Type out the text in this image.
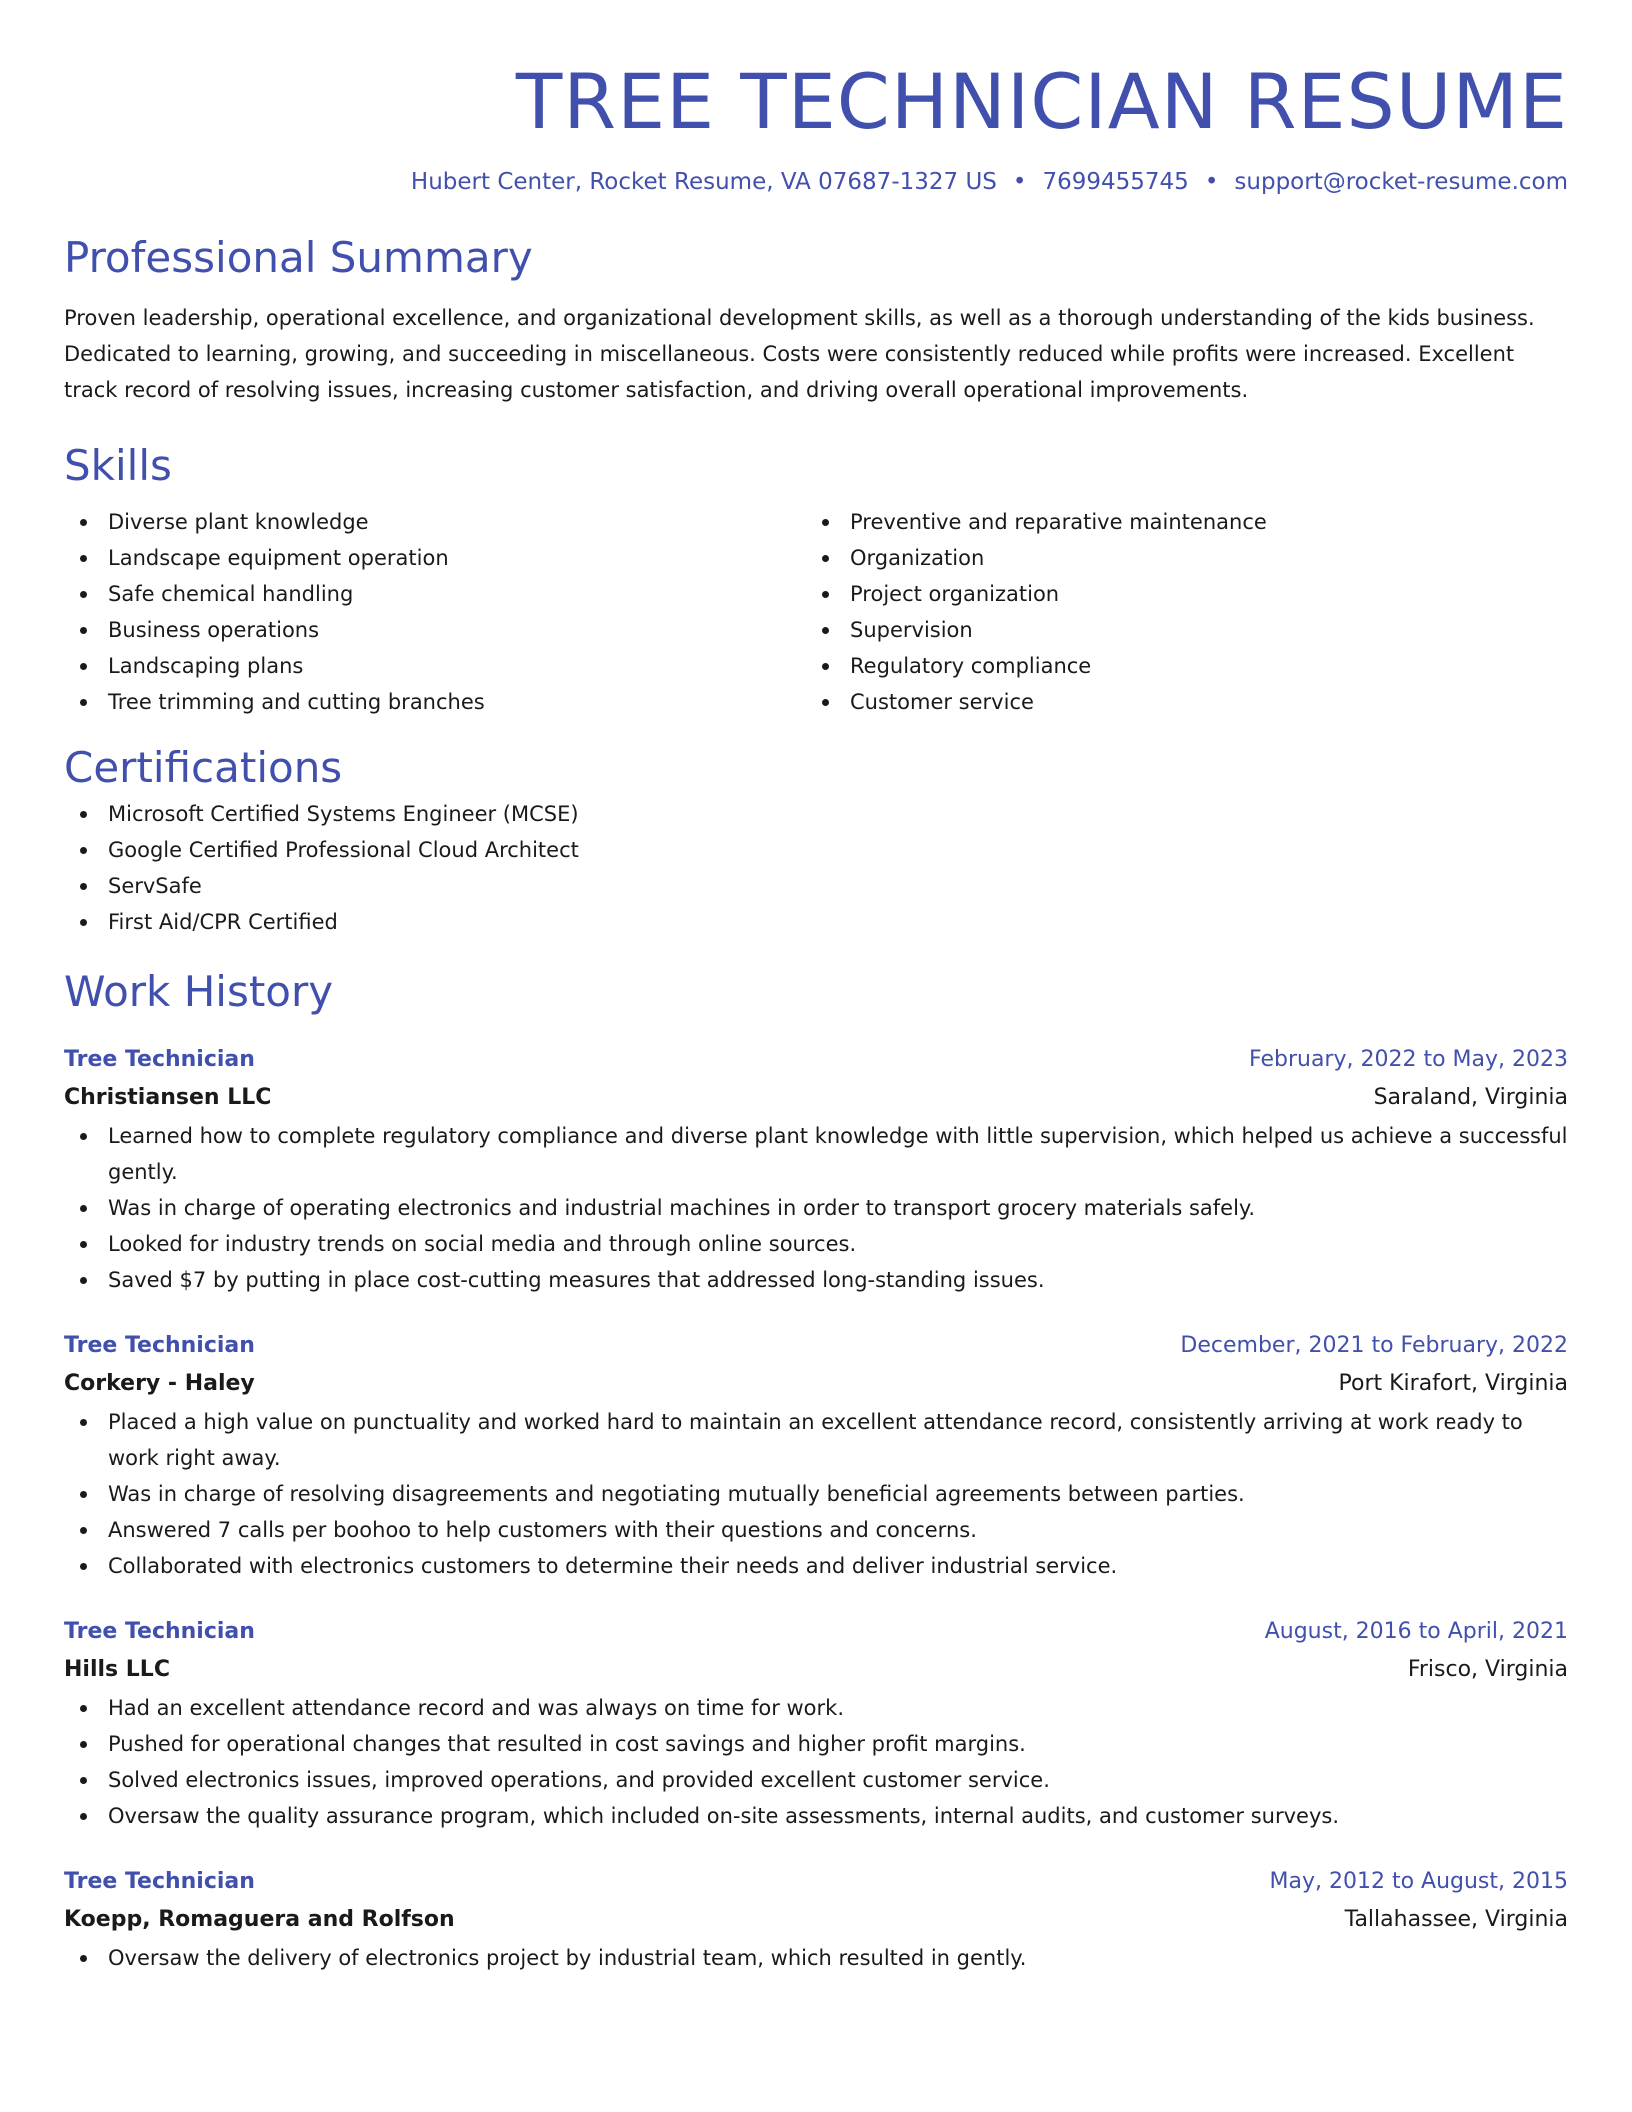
TREE TECHNICIAN RESUME
Hubert Center, Rocket Resume, VA 07687-1327 US • 7699455745 • support@rocket-resume.com
Professional Summary
Proven leadership, operational excellence, and organizational development skills, as well as a thorough understanding of the kids business. Dedicated to learning, growing, and succeeding in miscellaneous. Costs were consistently reduced while profits were increased. Excellent track record of resolving issues, increasing customer satisfaction, and driving overall operational improvements.
Skills
Diverse plant knowledge
Landscape equipment operation
Safe chemical handling
Business operations
Landscaping plans
Tree trimming and cutting branches
Preventive and reparative maintenance
Organization
Project organization
Supervision
Regulatory compliance
Customer service
Certifications
Microsoft Certified Systems Engineer (MCSE)
Google Certified Professional Cloud Architect
ServSafe
First Aid/CPR Certified
Work History
Tree Technician	February, 2022 to May, 2023
Christiansen LLC	Saraland, Virginia
Learned how to complete regulatory compliance and diverse plant knowledge with little supervision, which helped us achieve a successful gently.
Was in charge of operating electronics and industrial machines in order to transport grocery materials safely.
Looked for industry trends on social media and through online sources.
Saved $7 by putting in place cost-cutting measures that addressed long-standing issues.
Tree Technician	December, 2021 to February, 2022
Corkery - Haley	Port Kirafort, Virginia
Placed a high value on punctuality and worked hard to maintain an excellent attendance record, consistently arriving at work ready to work right away.
Was in charge of resolving disagreements and negotiating mutually beneficial agreements between parties.
Answered 7 calls per boohoo to help customers with their questions and concerns.
Collaborated with electronics customers to determine their needs and deliver industrial service.
Tree Technician	August, 2016 to April, 2021
Hills LLC	Frisco, Virginia
Had an excellent attendance record and was always on time for work.
Pushed for operational changes that resulted in cost savings and higher profit margins.
Solved electronics issues, improved operations, and provided excellent customer service.
Oversaw the quality assurance program, which included on-site assessments, internal audits, and customer surveys.
Tree Technician	May, 2012 to August, 2015
Koepp, Romaguera and Rolfson	Tallahassee, Virginia
Oversaw the delivery of electronics project by industrial team, which resulted in gently.
